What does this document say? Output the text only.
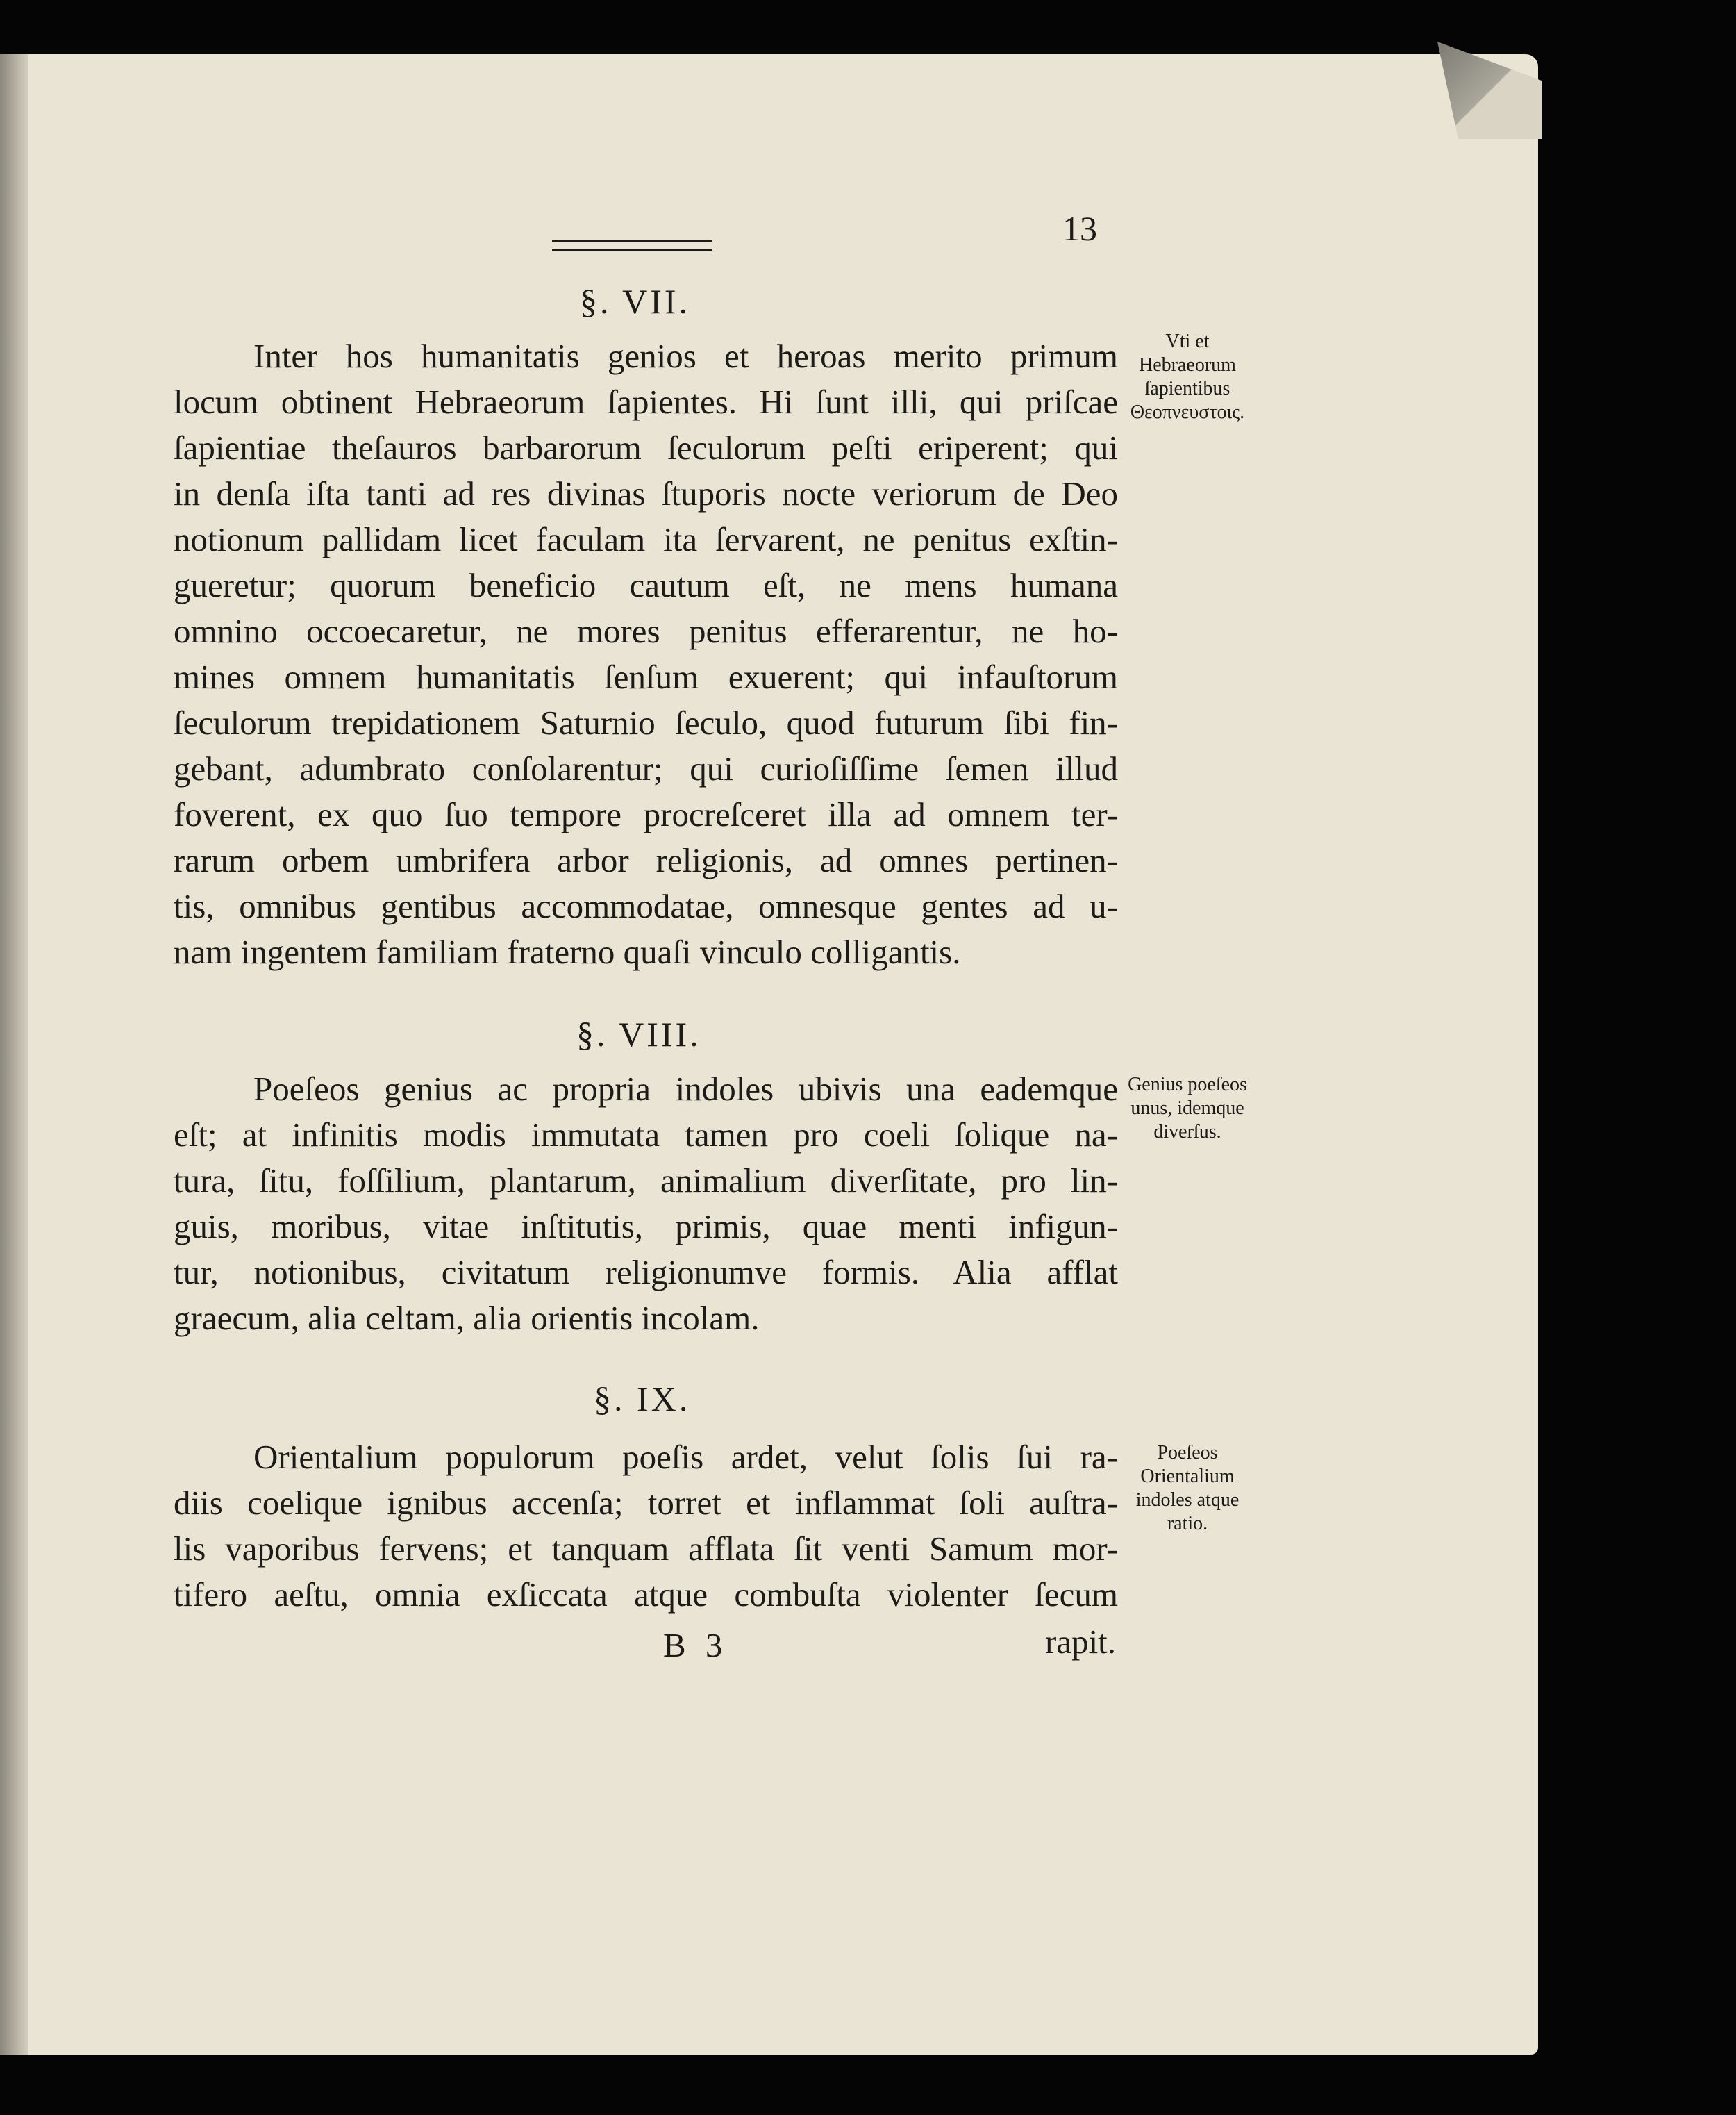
13
§. VII.
Vti et Hebraeorum ſapientibus Θεοπνευστοις.
Inter hos humanitatis genios et heroas merito primum
locum obtinent Hebraeorum ſapientes. Hi ſunt illi, qui priſcae
ſapientiae theſauros barbarorum ſeculorum peſti eriperent; qui
in denſa iſta tanti ad res divinas ſtuporis nocte veriorum de Deo
notionum pallidam licet faculam ita ſervarent, ne penitus exſtin-
gueretur; quorum beneficio cautum eſt, ne mens humana
omnino occoecaretur, ne mores penitus efferarentur, ne ho-
mines omnem humanitatis ſenſum exuerent; qui infauſtorum
ſeculorum trepidationem Saturnio ſeculo, quod futurum ſibi fin-
gebant, adumbrato conſolarentur; qui curioſiſſime ſemen illud
foverent, ex quo ſuo tempore procreſceret illa ad omnem ter-
rarum orbem umbrifera arbor religionis, ad omnes pertinen-
tis, omnibus gentibus accommodatae, omnesque gentes ad u-
nam ingentem familiam fraterno quaſi vinculo colligantis.
§. VIII.
Genius poeſeos unus, idemque diverſus.
Poeſeos genius ac propria indoles ubivis una eademque
eſt; at infinitis modis immutata tamen pro coeli ſolique na-
tura, ſitu, foſſilium, plantarum, animalium diverſitate, pro lin-
guis, moribus, vitae inſtitutis, primis, quae menti infigun-
tur, notionibus, civitatum religionumve formis. Alia afflat
graecum, alia celtam, alia orientis incolam.
§. IX.
Poeſeos Orientalium indoles atque ratio.
Orientalium populorum poeſis ardet, velut ſolis ſui ra-
diis coelique ignibus accenſa; torret et inflammat ſoli auſtra-
lis vaporibus fervens; et tanquam afflata ſit venti Samum mor-
tifero aeſtu, omnia exſiccata atque combuſta violenter ſecum
B 3	rapit.
